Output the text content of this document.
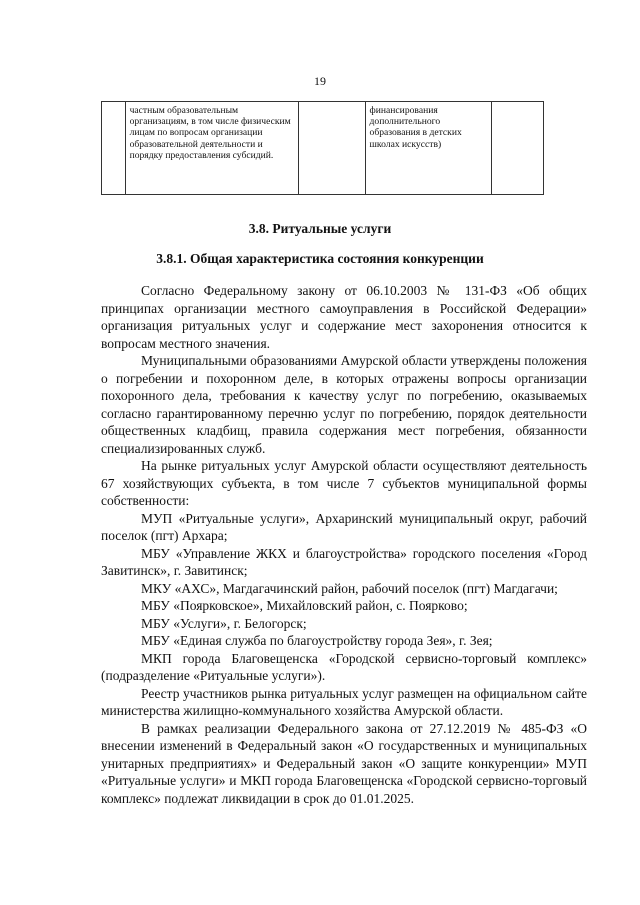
19
	частным образовательным организациям, в том числе физическим лицам по вопросам организации образовательной деятельности и порядку предоставления субсидий.		финансирования дополнительного образования в детских школах искусств)	
3.8. Ритуальные услуги
3.8.1. Общая характеристика состояния конкуренции

Согласно Федеральному закону от 06.10.2003 № 131-ФЗ «Об общих принципах организации местного самоуправления в Российской Федерации» организация ритуальных услуг и содержание мест захоронения относится к вопросам местного значения.

Муниципальными образованиями Амурской области утверждены положения о погребении и похоронном деле, в которых отражены вопросы организации похоронного дела, требования к качеству услуг по погребению, оказываемых согласно гарантированному перечню услуг по погребению, порядок деятельности общественных кладбищ, правила содержания мест погребения, обязанности специализированных служб.

На рынке ритуальных услуг Амурской области осуществляют деятельность 67 хозяйствующих субъекта, в том числе 7 субъектов муниципальной формы собственности:

МУП «Ритуальные услуги», Архаринский муниципальный округ, рабочий поселок (пгт) Архара;

МБУ «Управление ЖКХ и благоустройства» городского поселения «Город Завитинск», г. Завитинск;

МКУ «АХС», Магдагачинский район, рабочий поселок (пгт) Магдагачи;

МБУ «Поярковское», Михайловский район, с. Поярково;

МБУ «Услуги», г. Белогорск;

МБУ «Единая служба по благоустройству города Зея», г. Зея;

МКП города Благовещенска «Городской сервисно-торговый комплекс» (подразделение «Ритуальные услуги»).

Реестр участников рынка ритуальных услуг размещен на официальном сайте министерства жилищно-коммунального хозяйства Амурской области.

В рамках реализации Федерального закона от 27.12.2019 № 485-ФЗ «О внесении изменений в Федеральный закон «О государственных и муниципальных унитарных предприятиях» и Федеральный закон «О защите конкуренции» МУП «Ритуальные услуги» и МКП города Благовещенска «Городской сервисно-торговый комплекс» подлежат ликвидации в срок до 01.01.2025.
